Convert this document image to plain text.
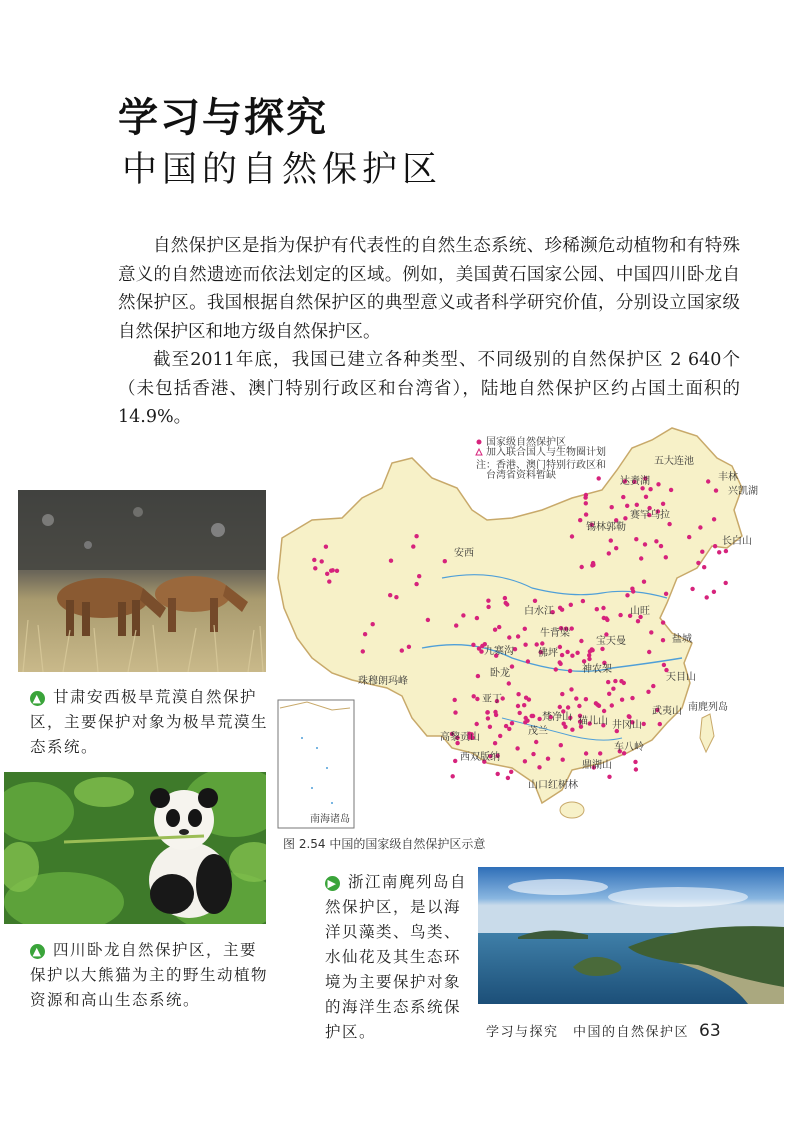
学习与探究
中国的自然保护区

自然保护区是指为保护有代表性的自然生态系统、珍稀濒危动植物和有特殊意义的自然遗迹而依法划定的区域。例如，美国黄石国家公园、中国四川卧龙自然保护区。我国根据自然保护区的典型意义或者科学研究价值，分别设立国家级自然保护区和地方级自然保护区。

截至2011年底，我国已建立各种类型、不同级别的自然保护区 2 640个（未包括香港、澳门特别行政区和台湾省），陆地自然保护区约占国土面积的14.9%。

▲ 甘肃安西极旱荒漠自然保护区，主要保护对象为极旱荒漠生态系统。

▲ 四川卧龙自然保护区，主要保护以大熊猫为主的野生动植物资源和高山生态系统。

▶ 浙江南麂列岛自然保护区，是以海洋贝藻类、鸟类、水仙花及其生态环境为主要保护对象的海洋生态系统保护区。

国家级自然保护区
加入联合国人与生物圈计划
注：香港、澳门特别行政区和
台湾省资料暂缺
南海诸岛
五大连池
丰林
达赉湖
兴凯湖
锡林郭勒
赛罕乌拉
长白山
安西
白水江	山旺
牛背梁
宝天曼	盐城
九寨沟 佛坪
卧龙	神农架
天目山
珠穆朗玛峰
亚丁
武夷山 南麂列岛
梵净山 猫儿山 井冈山
高黎贡山
茂兰
车八岭
西双版纳
鼎湖山
山口红树林
图 2.54 中国的国家级自然保护区示意
学习与探究　中国的自然保护区 63
